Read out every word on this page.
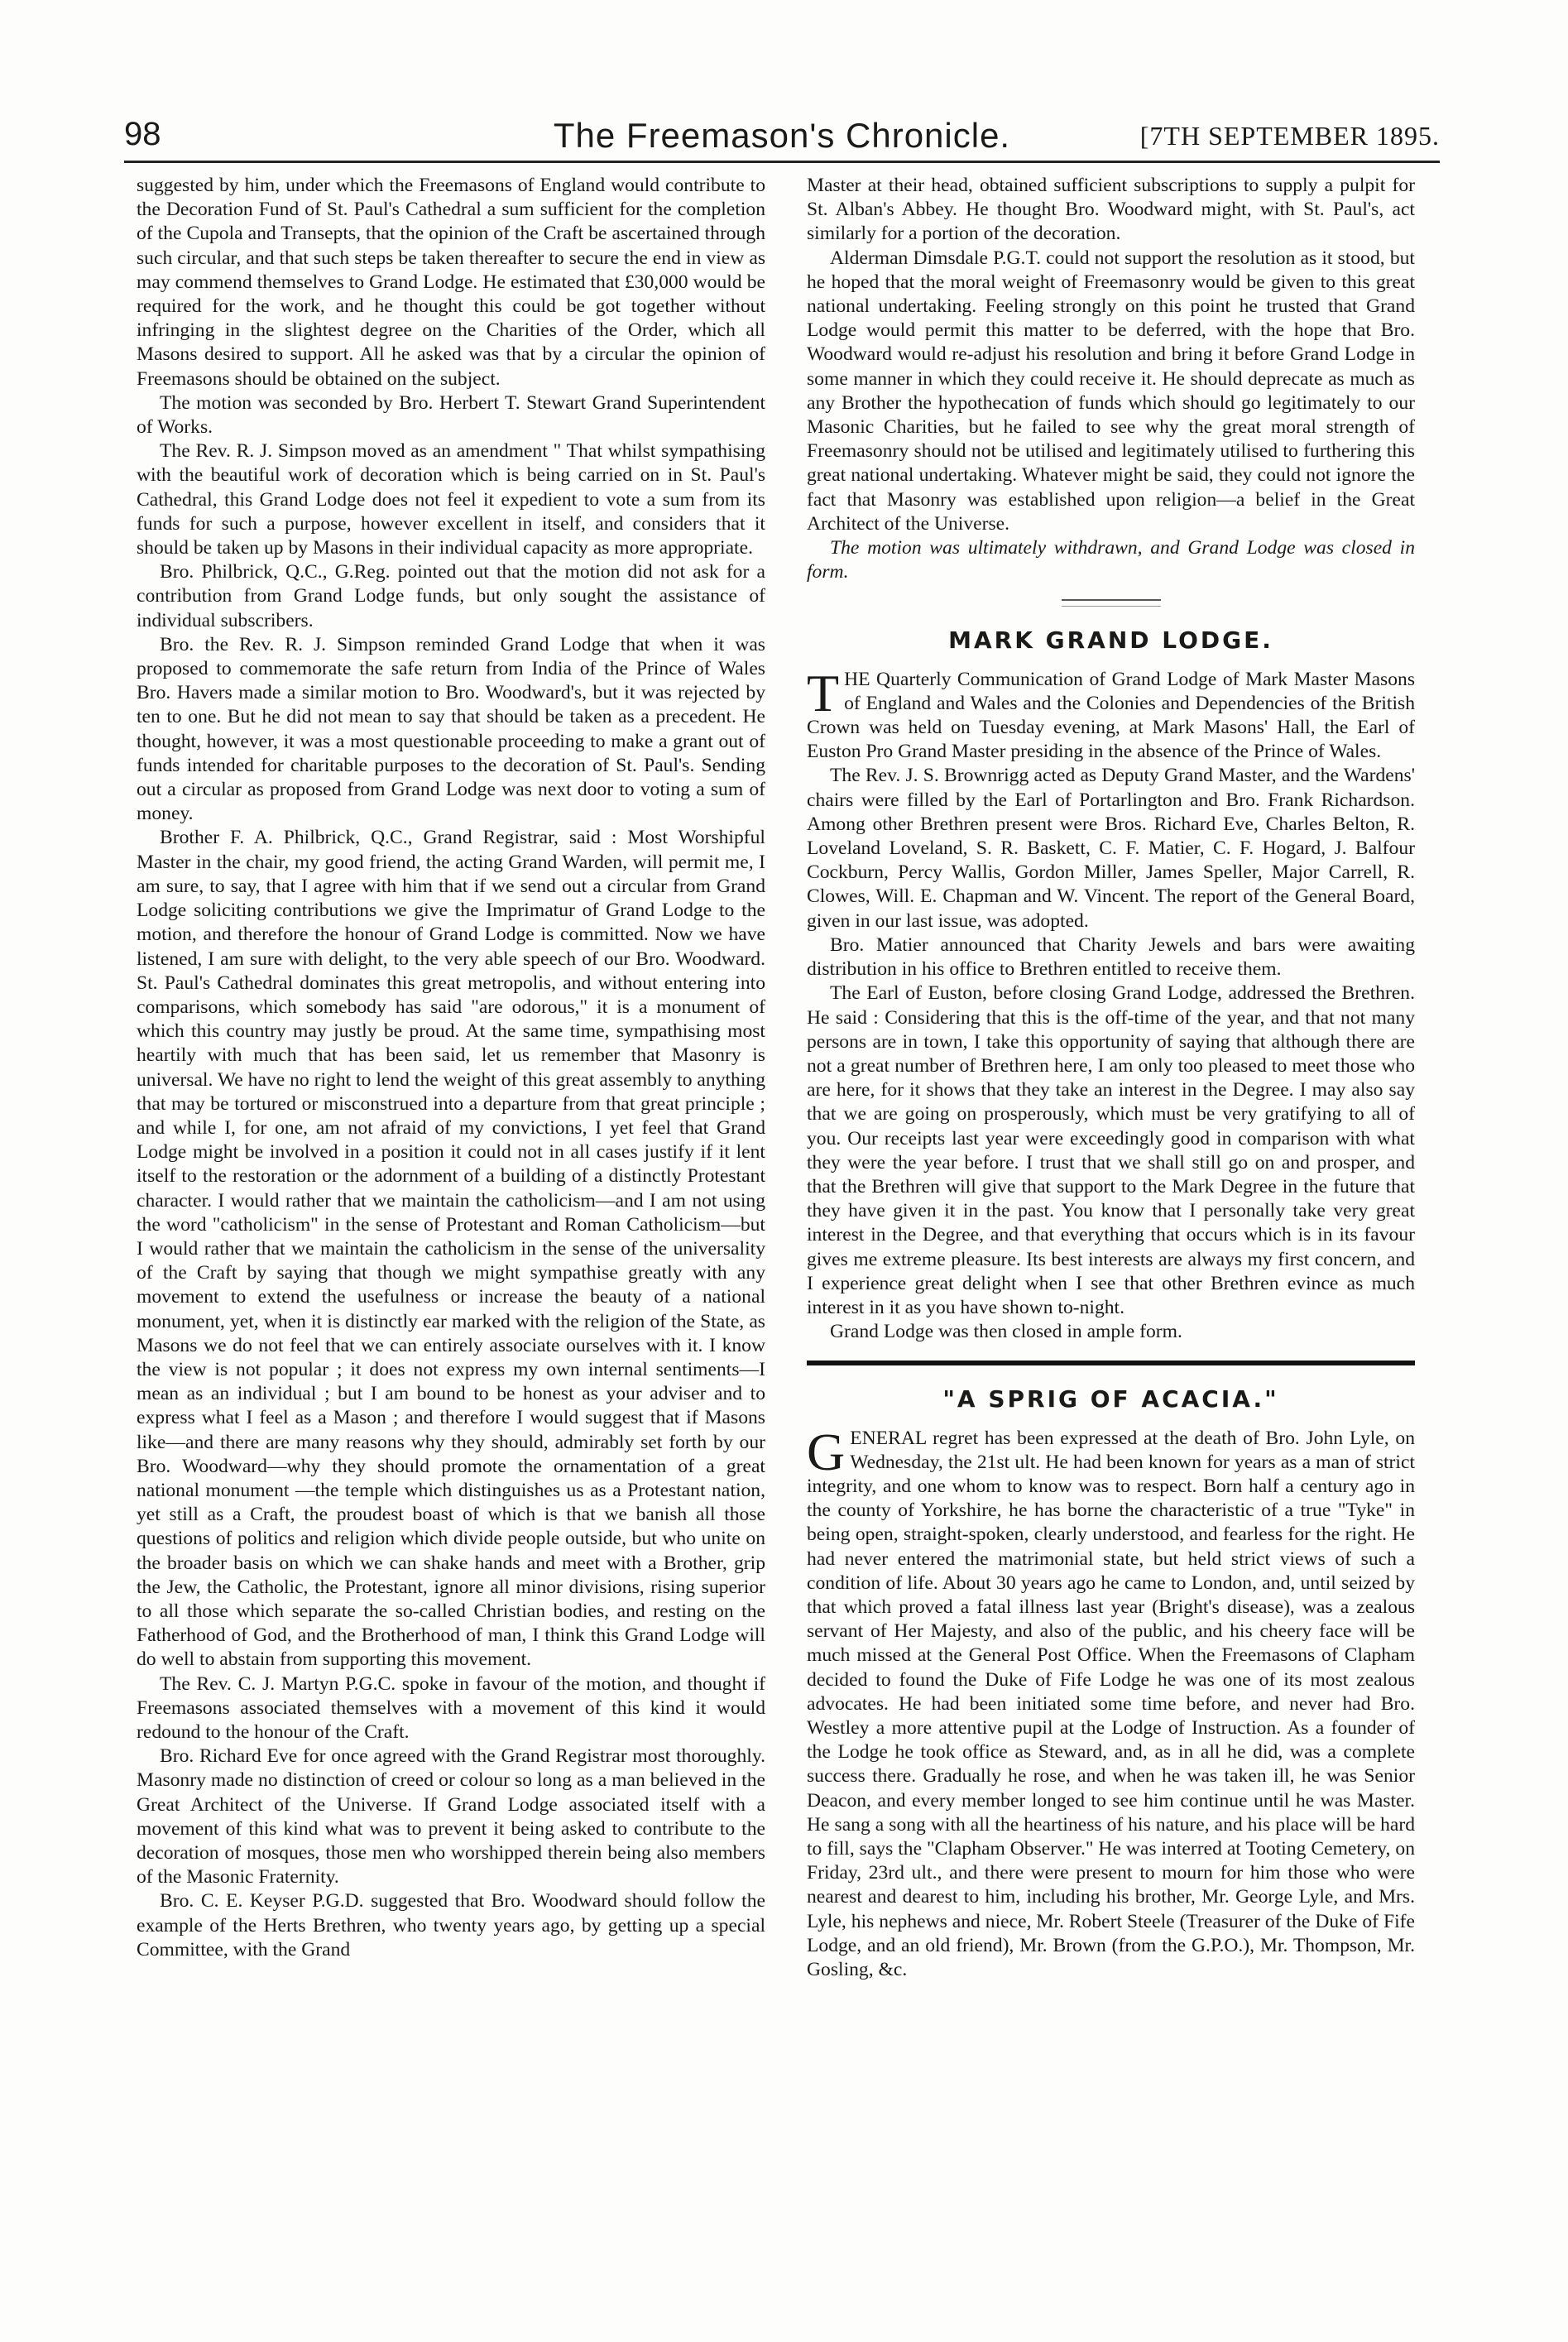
98	The Freemason's Chronicle.	[7TH SEPTEMBER 1895.

suggested by him, under which the Freemasons of England would contribute to the Decoration Fund of St. Paul's Cathedral a sum sufficient for the completion of the Cupola and Transepts, that the opinion of the Craft be ascertained through such circular, and that such steps be taken thereafter to secure the end in view as may commend themselves to Grand Lodge. He estimated that £30,000 would be required for the work, and he thought this could be got together without infringing in the slightest degree on the Charities of the Order, which all Masons desired to support. All he asked was that by a circular the opinion of Freemasons should be obtained on the subject.

The motion was seconded by Bro. Herbert T. Stewart Grand Superintendent of Works.

The Rev. R. J. Simpson moved as an amendment " That whilst sympathising with the beautiful work of decoration which is being carried on in St. Paul's Cathedral, this Grand Lodge does not feel it expedient to vote a sum from its funds for such a purpose, however excellent in itself, and considers that it should be taken up by Masons in their individual capacity as more appropriate.

Bro. Philbrick, Q.C., G.Reg. pointed out that the motion did not ask for a contribution from Grand Lodge funds, but only sought the assistance of individual subscribers.

Bro. the Rev. R. J. Simpson reminded Grand Lodge that when it was proposed to commemorate the safe return from India of the Prince of Wales Bro. Havers made a similar motion to Bro. Woodward's, but it was rejected by ten to one. But he did not mean to say that should be taken as a precedent. He thought, however, it was a most questionable proceeding to make a grant out of funds intended for charitable purposes to the decoration of St. Paul's. Sending out a circular as proposed from Grand Lodge was next door to voting a sum of money.

Brother F. A. Philbrick, Q.C., Grand Registrar, said : Most Worshipful Master in the chair, my good friend, the acting Grand Warden, will permit me, I am sure, to say, that I agree with him that if we send out a circular from Grand Lodge soliciting contributions we give the Imprimatur of Grand Lodge to the motion, and therefore the honour of Grand Lodge is committed. Now we have listened, I am sure with delight, to the very able speech of our Bro. Woodward. St. Paul's Cathedral dominates this great metropolis, and without entering into comparisons, which somebody has said "are odorous," it is a monument of which this country may justly be proud. At the same time, sympathising most heartily with much that has been said, let us remember that Masonry is universal. We have no right to lend the weight of this great assembly to anything that may be tortured or misconstrued into a departure from that great principle ; and while I, for one, am not afraid of my convictions, I yet feel that Grand Lodge might be involved in a position it could not in all cases justify if it lent itself to the restoration or the adornment of a building of a distinctly Protestant character. I would rather that we maintain the catholicism—and I am not using the word "catholicism" in the sense of Protestant and Roman Catholicism—but I would rather that we maintain the catholicism in the sense of the universality of the Craft by saying that though we might sympathise greatly with any movement to extend the usefulness or increase the beauty of a national monument, yet, when it is distinctly ear marked with the religion of the State, as Masons we do not feel that we can entirely associate ourselves with it. I know the view is not popular ; it does not express my own internal sentiments—I mean as an individual ; but I am bound to be honest as your adviser and to express what I feel as a Mason ; and therefore I would suggest that if Masons like—and there are many reasons why they should, admirably set forth by our Bro. Woodward—why they should promote the ornamentation of a great national monument —the temple which distinguishes us as a Protestant nation, yet still as a Craft, the proudest boast of which is that we banish all those questions of politics and religion which divide people outside, but who unite on the broader basis on which we can shake hands and meet with a Brother, grip the Jew, the Catholic, the Protestant, ignore all minor divisions, rising superior to all those which separate the so-called Christian bodies, and resting on the Fatherhood of God, and the Brotherhood of man, I think this Grand Lodge will do well to abstain from supporting this movement.

The Rev. C. J. Martyn P.G.C. spoke in favour of the motion, and thought if Freemasons associated themselves with a movement of this kind it would redound to the honour of the Craft.

Bro. Richard Eve for once agreed with the Grand Registrar most thoroughly. Masonry made no distinction of creed or colour so long as a man believed in the Great Architect of the Universe. If Grand Lodge associated itself with a movement of this kind what was to prevent it being asked to contribute to the decoration of mosques, those men who worshipped therein being also members of the Masonic Fraternity.

Bro. C. E. Keyser P.G.D. suggested that Bro. Woodward should follow the example of the Herts Brethren, who twenty years ago, by getting up a special Committee, with the Grand

Master at their head, obtained sufficient subscriptions to supply a pulpit for St. Alban's Abbey. He thought Bro. Woodward might, with St. Paul's, act similarly for a portion of the decoration.

Alderman Dimsdale P.G.T. could not support the resolution as it stood, but he hoped that the moral weight of Freemasonry would be given to this great national undertaking. Feeling strongly on this point he trusted that Grand Lodge would permit this matter to be deferred, with the hope that Bro. Woodward would re-adjust his resolution and bring it before Grand Lodge in some manner in which they could receive it. He should deprecate as much as any Brother the hypothecation of funds which should go legitimately to our Masonic Charities, but he failed to see why the great moral strength of Freemasonry should not be utilised and legitimately utilised to furthering this great national undertaking. Whatever might be said, they could not ignore the fact that Masonry was established upon religion—a belief in the Great Architect of the Universe.

The motion was ultimately withdrawn, and Grand Lodge was closed in form.

MARK GRAND LODGE.

THE Quarterly Communication of Grand Lodge of Mark Master Masons of England and Wales and the Colonies and Dependencies of the British Crown was held on Tuesday evening, at Mark Masons' Hall, the Earl of Euston Pro Grand Master presiding in the absence of the Prince of Wales.

The Rev. J. S. Brownrigg acted as Deputy Grand Master, and the Wardens' chairs were filled by the Earl of Portarlington and Bro. Frank Richardson. Among other Brethren present were Bros. Richard Eve, Charles Belton, R. Loveland Loveland, S. R. Baskett, C. F. Matier, C. F. Hogard, J. Balfour Cockburn, Percy Wallis, Gordon Miller, James Speller, Major Carrell, R. Clowes, Will. E. Chapman and W. Vincent. The report of the General Board, given in our last issue, was adopted.

Bro. Matier announced that Charity Jewels and bars were awaiting distribution in his office to Brethren entitled to receive them.

The Earl of Euston, before closing Grand Lodge, addressed the Brethren. He said : Considering that this is the off-time of the year, and that not many persons are in town, I take this opportunity of saying that although there are not a great number of Brethren here, I am only too pleased to meet those who are here, for it shows that they take an interest in the Degree. I may also say that we are going on prosperously, which must be very gratifying to all of you. Our receipts last year were exceedingly good in comparison with what they were the year before. I trust that we shall still go on and prosper, and that the Brethren will give that support to the Mark Degree in the future that they have given it in the past. You know that I personally take very great interest in the Degree, and that everything that occurs which is in its favour gives me extreme pleasure. Its best interests are always my first concern, and I experience great delight when I see that other Brethren evince as much interest in it as you have shown to-night.

Grand Lodge was then closed in ample form.

"A SPRIG OF ACACIA."

GENERAL regret has been expressed at the death of Bro. John Lyle, on Wednesday, the 21st ult. He had been known for years as a man of strict integrity, and one whom to know was to respect. Born half a century ago in the county of Yorkshire, he has borne the characteristic of a true "Tyke" in being open, straight-spoken, clearly understood, and fearless for the right. He had never entered the matrimonial state, but held strict views of such a condition of life. About 30 years ago he came to London, and, until seized by that which proved a fatal illness last year (Bright's disease), was a zealous servant of Her Majesty, and also of the public, and his cheery face will be much missed at the General Post Office. When the Freemasons of Clapham decided to found the Duke of Fife Lodge he was one of its most zealous advocates. He had been initiated some time before, and never had Bro. Westley a more attentive pupil at the Lodge of Instruction. As a founder of the Lodge he took office as Steward, and, as in all he did, was a complete success there. Gradually he rose, and when he was taken ill, he was Senior Deacon, and every member longed to see him continue until he was Master. He sang a song with all the heartiness of his nature, and his place will be hard to fill, says the "Clapham Observer." He was interred at Tooting Cemetery, on Friday, 23rd ult., and there were present to mourn for him those who were nearest and dearest to him, including his brother, Mr. George Lyle, and Mrs. Lyle, his nephews and niece, Mr. Robert Steele (Treasurer of the Duke of Fife Lodge, and an old friend), Mr. Brown (from the G.P.O.), Mr. Thompson, Mr. Gosling, &c.
